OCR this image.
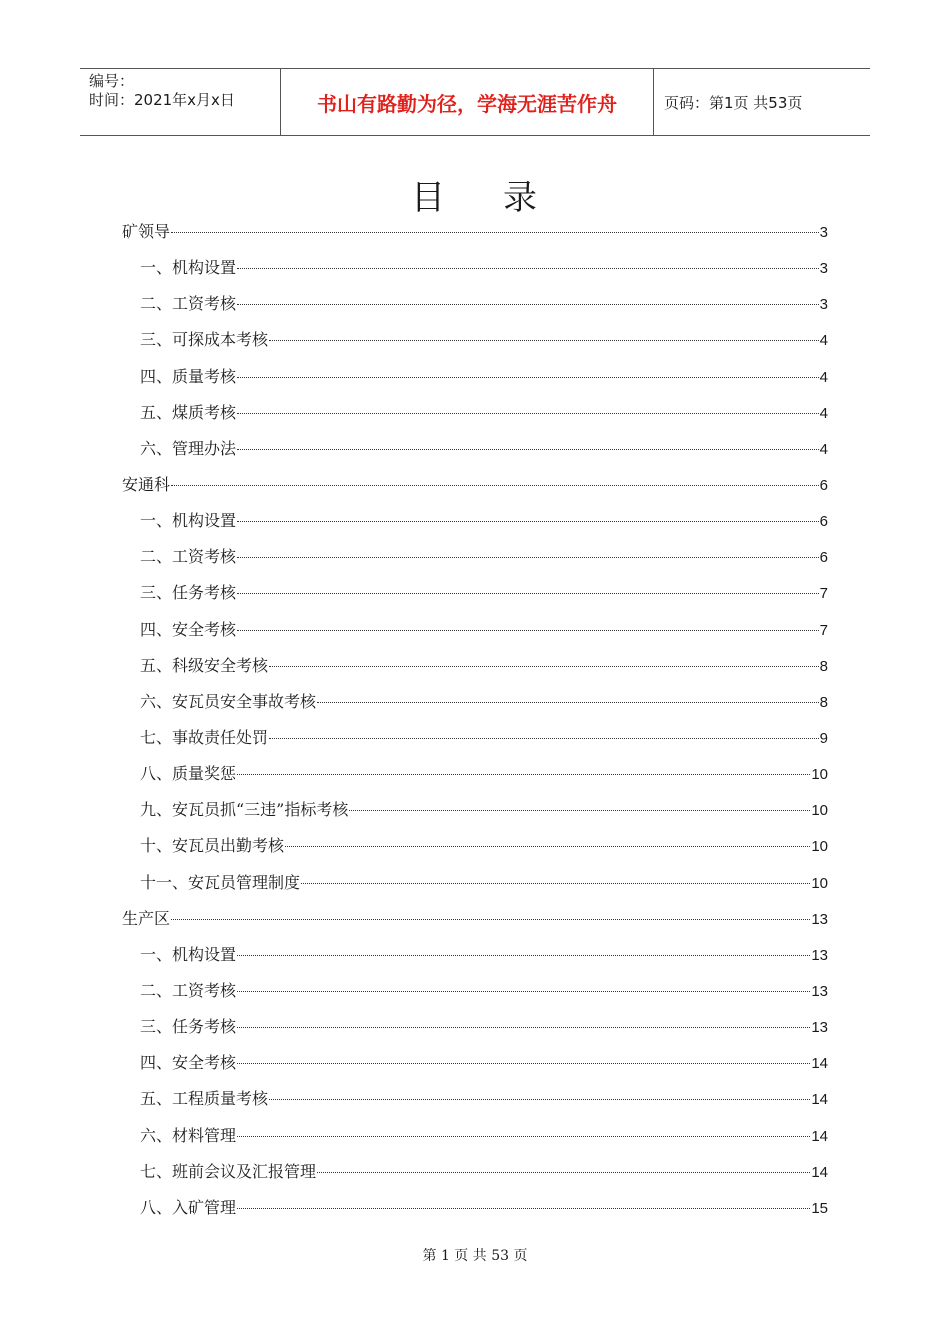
编号：
时间：2021年x月x日	书山有路勤为径，学海无涯苦作舟	页码：第1页 共53页
目 录
矿领导	3
一、机构设置	3
二、工资考核	3
三、可探成本考核	4
四、质量考核	4
五、煤质考核	4
六、管理办法	4
安通科	6
一、机构设置	6
二、工资考核	6
三、任务考核	7
四、安全考核	7
五、科级安全考核	8
六、安瓦员安全事故考核	8
七、事故责任处罚	9
八、质量奖惩	10
九、安瓦员抓“三违”指标考核	10
十、安瓦员出勤考核	10
十一、安瓦员管理制度	10
生产区	13
一、机构设置	13
二、工资考核	13
三、任务考核	13
四、安全考核	14
五、工程质量考核	14
六、材料管理	14
七、班前会议及汇报管理	14
八、入矿管理	15
第 1 页 共 53 页
